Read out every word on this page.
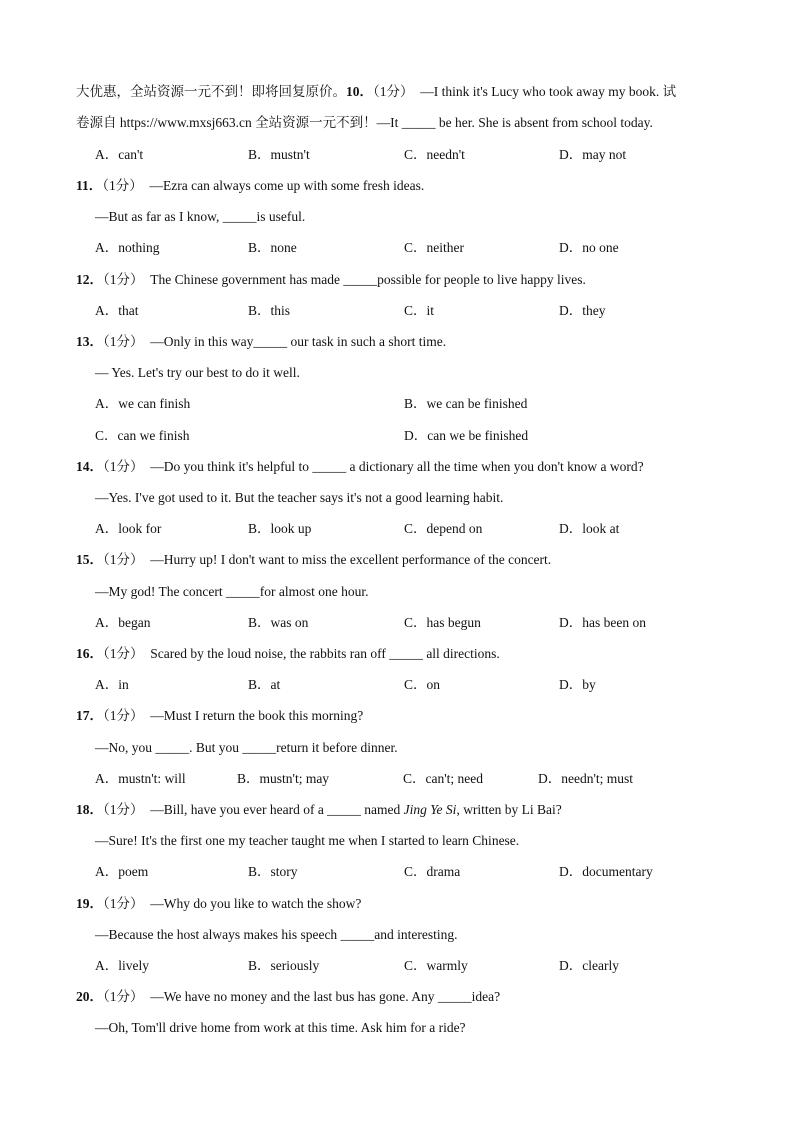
大优惠，全站资源一元不到！即将回复原价。10．（1分） —I think it's Lucy who took away my book. 试
卷源自 https://www.mxsj663.cn 全站资源一元不到！—It _____ be her. She is absent from school today.
A．can't	B．mustn't	C．needn't	D．may not
11．（1分） —Ezra can always come up with some fresh ideas.
—But as far as I know, _____is useful.
A．nothing	B．none	C．neither	D．no one
12．（1分） The Chinese government has made _____possible for people to live happy lives.
A．that	B．this	C．it	D．they
13．（1分） —Only in this way_____ our task in such a short time.
— Yes. Let's try our best to do it well.
A．we can finish	B．we can be finished
C．can we finish	D．can we be finished
14．（1分） —Do you think it's helpful to _____ a dictionary all the time when you don't know a word?
—Yes. I've got used to it. But the teacher says it's not a good learning habit.
A．look for	B．look up	C．depend on	D．look at
15．（1分） —Hurry up! I don't want to miss the excellent performance of the concert.
—My god! The concert _____for almost one hour.
A．began	B．was on	C．has begun	D．has been on
16．（1分） Scared by the loud noise, the rabbits ran off _____ all directions.
A．in	B．at	C．on	D．by
17．（1分） —Must I return the book this morning?
—No, you _____. But you _____return it before dinner.
A．mustn't: will	B．mustn't; may	C．can't; need	D．needn't; must
18．（1分） —Bill, have you ever heard of a _____ named Jing Ye Si, written by Li Bai?
—Sure! It's the first one my teacher taught me when I started to learn Chinese.
A．poem	B．story	C．drama	D．documentary
19．（1分） —Why do you like to watch the show?
—Because the host always makes his speech _____and interesting.
A．lively	B．seriously	C．warmly	D．clearly
20．（1分） —We have no money and the last bus has gone. Any _____idea?
—Oh, Tom'll drive home from work at this time. Ask him for a ride?
